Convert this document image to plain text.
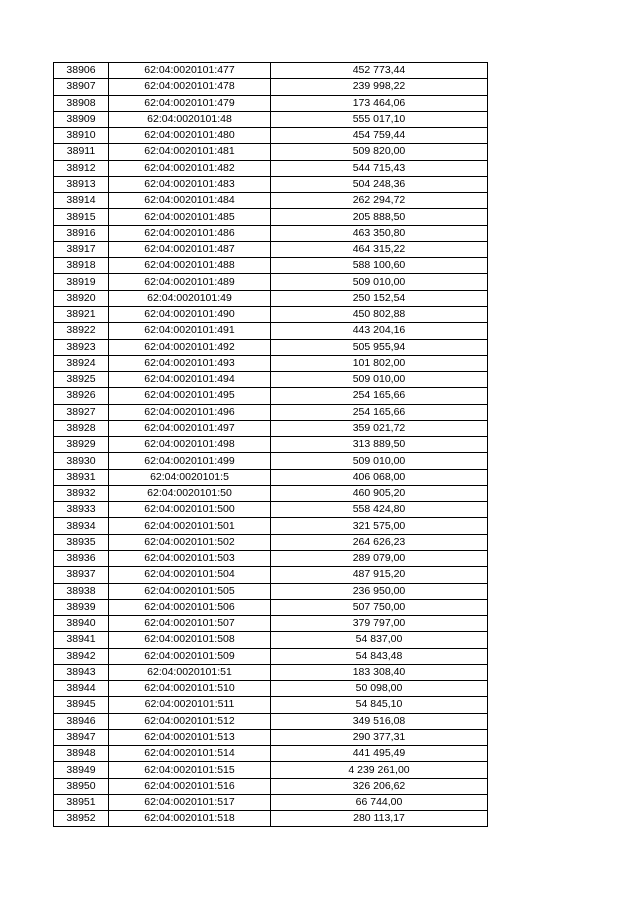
38906	62:04:0020101:477	452 773,44
38907	62:04:0020101:478	239 998,22
38908	62:04:0020101:479	173 464,06
38909	62:04:0020101:48	555 017,10
38910	62:04:0020101:480	454 759,44
38911	62:04:0020101:481	509 820,00
38912	62:04:0020101:482	544 715,43
38913	62:04:0020101:483	504 248,36
38914	62:04:0020101:484	262 294,72
38915	62:04:0020101:485	205 888,50
38916	62:04:0020101:486	463 350,80
38917	62:04:0020101:487	464 315,22
38918	62:04:0020101:488	588 100,60
38919	62:04:0020101:489	509 010,00
38920	62:04:0020101:49	250 152,54
38921	62:04:0020101:490	450 802,88
38922	62:04:0020101:491	443 204,16
38923	62:04:0020101:492	505 955,94
38924	62:04:0020101:493	101 802,00
38925	62:04:0020101:494	509 010,00
38926	62:04:0020101:495	254 165,66
38927	62:04:0020101:496	254 165,66
38928	62:04:0020101:497	359 021,72
38929	62:04:0020101:498	313 889,50
38930	62:04:0020101:499	509 010,00
38931	62:04:0020101:5	406 068,00
38932	62:04:0020101:50	460 905,20
38933	62:04:0020101:500	558 424,80
38934	62:04:0020101:501	321 575,00
38935	62:04:0020101:502	264 626,23
38936	62:04:0020101:503	289 079,00
38937	62:04:0020101:504	487 915,20
38938	62:04:0020101:505	236 950,00
38939	62:04:0020101:506	507 750,00
38940	62:04:0020101:507	379 797,00
38941	62:04:0020101:508	54 837,00
38942	62:04:0020101:509	54 843,48
38943	62:04:0020101:51	183 308,40
38944	62:04:0020101:510	50 098,00
38945	62:04:0020101:511	54 845,10
38946	62:04:0020101:512	349 516,08
38947	62:04:0020101:513	290 377,31
38948	62:04:0020101:514	441 495,49
38949	62:04:0020101:515	4 239 261,00
38950	62:04:0020101:516	326 206,62
38951	62:04:0020101:517	66 744,00
38952	62:04:0020101:518	280 113,17
